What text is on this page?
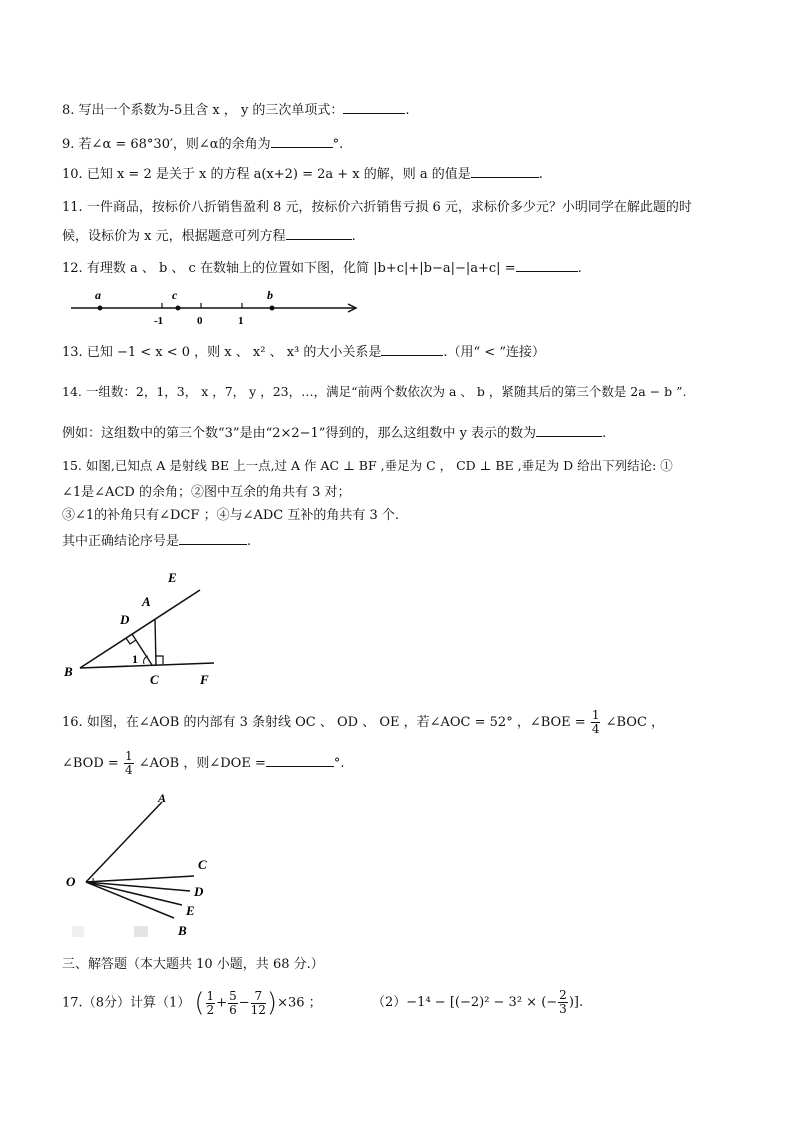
8. 写出一个系数为-5且含 x ， y 的三次单项式：	.
9. 若∠α = 68°30′，则∠α的余角为	°.
10. 已知 x = 2 是关于 x 的方程 a(x+2) = 2a + x 的解，则 a 的值是	.
11. 一件商品，按标价八折销售盈利 8 元，按标价六折销售亏损 6 元，求标价多少元？小明同学在解此题的时
候，设标价为 x 元，根据题意可列方程	.
12. 有理数 a 、 b 、 c 在数轴上的位置如下图，化简 |b+c|+|b−a|−|a+c| =	.
a	c	b
-1	0	1
13. 已知 −1 < x < 0 ，则 x 、 x² 、 x³ 的大小关系是	.（用“ < ”连接）
14. 一组数：2，1，3， x ，7， y ，23，…，满足“前两个数依次为 a 、 b ，紧随其后的第三个数是 2a − b ”.
例如：这组数中的第三个数“3”是由“2×2−1”得到的，那么这组数中 y 表示的数为	.
15. 如图,已知点 A 是射线 BE 上一点,过 A 作 AC ⊥ BF ,垂足为 C ， CD ⊥ BE ,垂足为 D 给出下列结论: ①
∠1是∠ACD 的余角；②图中互余的角共有 3 对；
③∠1的补角只有∠DCF ；④与∠ADC 互补的角共有 3 个.
其中正确结论序号是	.
E
A
D
B
C	F
1
16. 如图，在∠AOB 的内部有 3 条射线 OC 、 OD 、 OE ，若∠AOC = 52° ，∠BOE = $\frac{1}{4}$ ∠BOC ，
∠BOD = $\frac{1}{4}$ ∠AOB ，则∠DOE =	°.
A
O
C
D
E
B
三、解答题（本大题共 10 小题，共 68 分.）
17.（8分）计算（1） ( $\frac{1}{2} + \frac{5}{6} - \frac{7}{12} )\times 36$ ；	（2）−1⁴ − [(−2)² − 3² × (− $\frac{2}{3}$ )].
